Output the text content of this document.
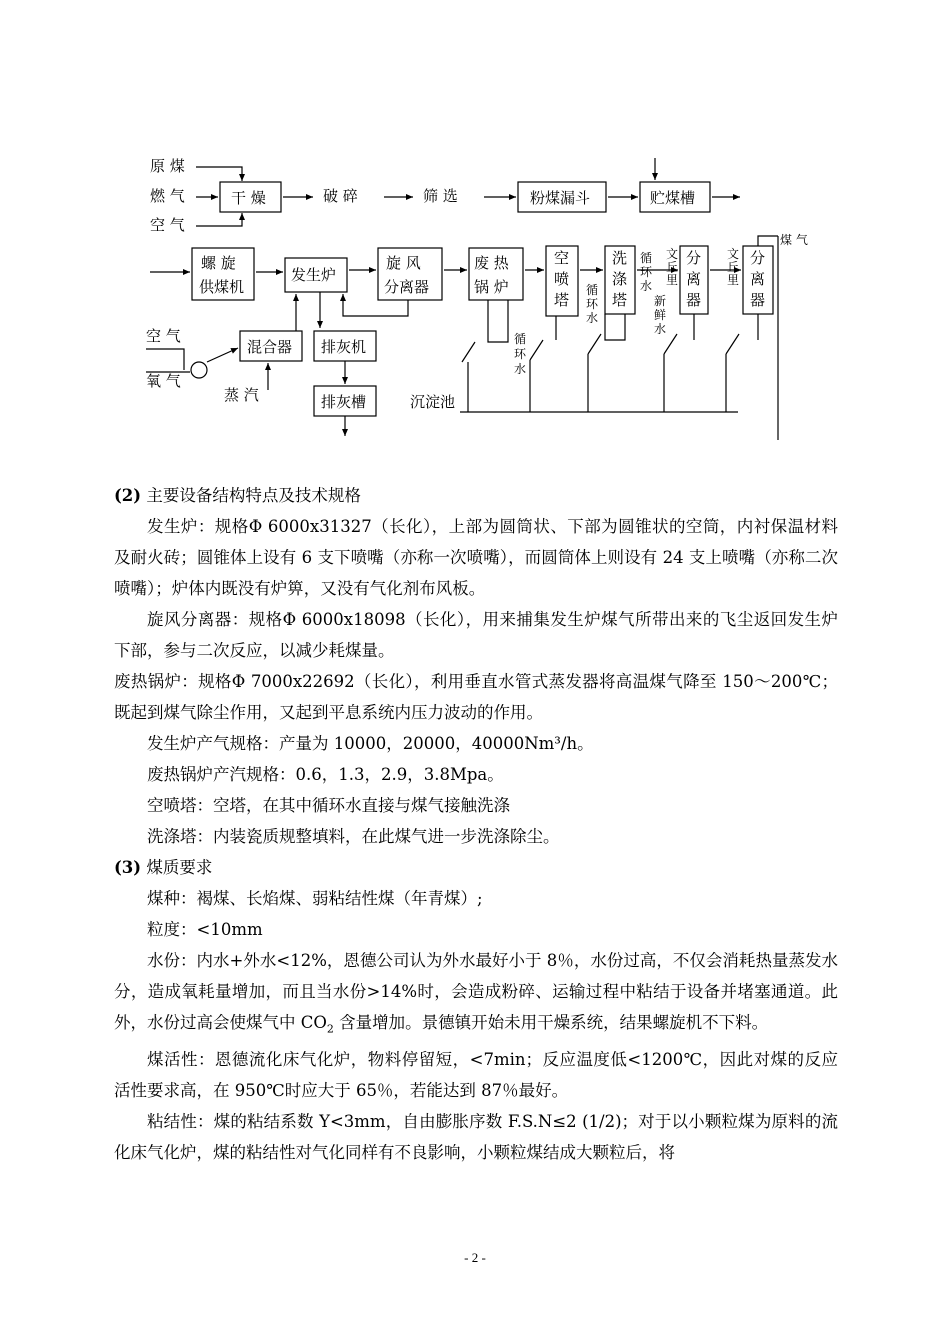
原 煤
燃 气
空 气
干 燥	破 碎	筛 选	粉煤漏斗	贮煤槽
螺 旋
供煤机
发生炉
旋 风
分离器
废 热
锅 炉
空
喷
塔
循
环
水
洗
涤
塔
循
环
水
新
鲜
水
文
丘
里
分
离
器
文
丘
里
分
离
器
煤 气
空 气
氧 气
混合器
蒸 汽
排灰机
排灰槽
循
环
水
沉淀池

(2) 主要设备结构特点及技术规格

发生炉：规格Φ 6000x31327（长化），上部为圆筒状、下部为圆锥状的空筒，内衬保温材料及耐火砖；圆锥体上设有 6 支下喷嘴（亦称一次喷嘴），而圆筒体上则设有 24 支上喷嘴（亦称二次喷嘴）；炉体内既没有炉箅，又没有气化剂布风板。

旋风分离器：规格Φ 6000x18098（长化），用来捕集发生炉煤气所带出来的飞尘返回发生炉下部，参与二次反应，以减少耗煤量。

废热锅炉：规格Φ 7000x22692（长化），利用垂直水管式蒸发器将高温煤气降至 150～200℃；既起到煤气除尘作用，又起到平息系统内压力波动的作用。

发生炉产气规格：产量为 10000，20000，40000Nm³/h。

废热锅炉产汽规格：0.6，1.3，2.9，3.8Mpa。

空喷塔：空塔，在其中循环水直接与煤气接触洗涤

洗涤塔：内装瓷质规整填料，在此煤气进一步洗涤除尘。

(3) 煤质要求

煤种：褐煤、长焰煤、弱粘结性煤（年青煤）;

粒度：<10mm

水份：内水+外水<12%，恩德公司认为外水最好小于 8％，水份过高，不仅会消耗热量蒸发水分，造成氧耗量增加，而且当水份>14%时，会造成粉碎、运输过程中粘结于设备并堵塞通道。此外，水份过高会使煤气中 $CO_2$ 含量增加。景德镇开始未用干燥系统，结果螺旋机不下料。

煤活性：恩德流化床气化炉，物料停留短，<7min；反应温度低<1200℃，因此对煤的反应活性要求高，在 950℃时应大于 65％，若能达到 87％最好。

粘结性：煤的粘结系数 Y<3mm，自由膨胀序数 F.S.N≤2 (1/2)；对于以小颗粒煤为原料的流化床气化炉，煤的粘结性对气化同样有不良影响，小颗粒煤结成大颗粒后，将

- 2 -
